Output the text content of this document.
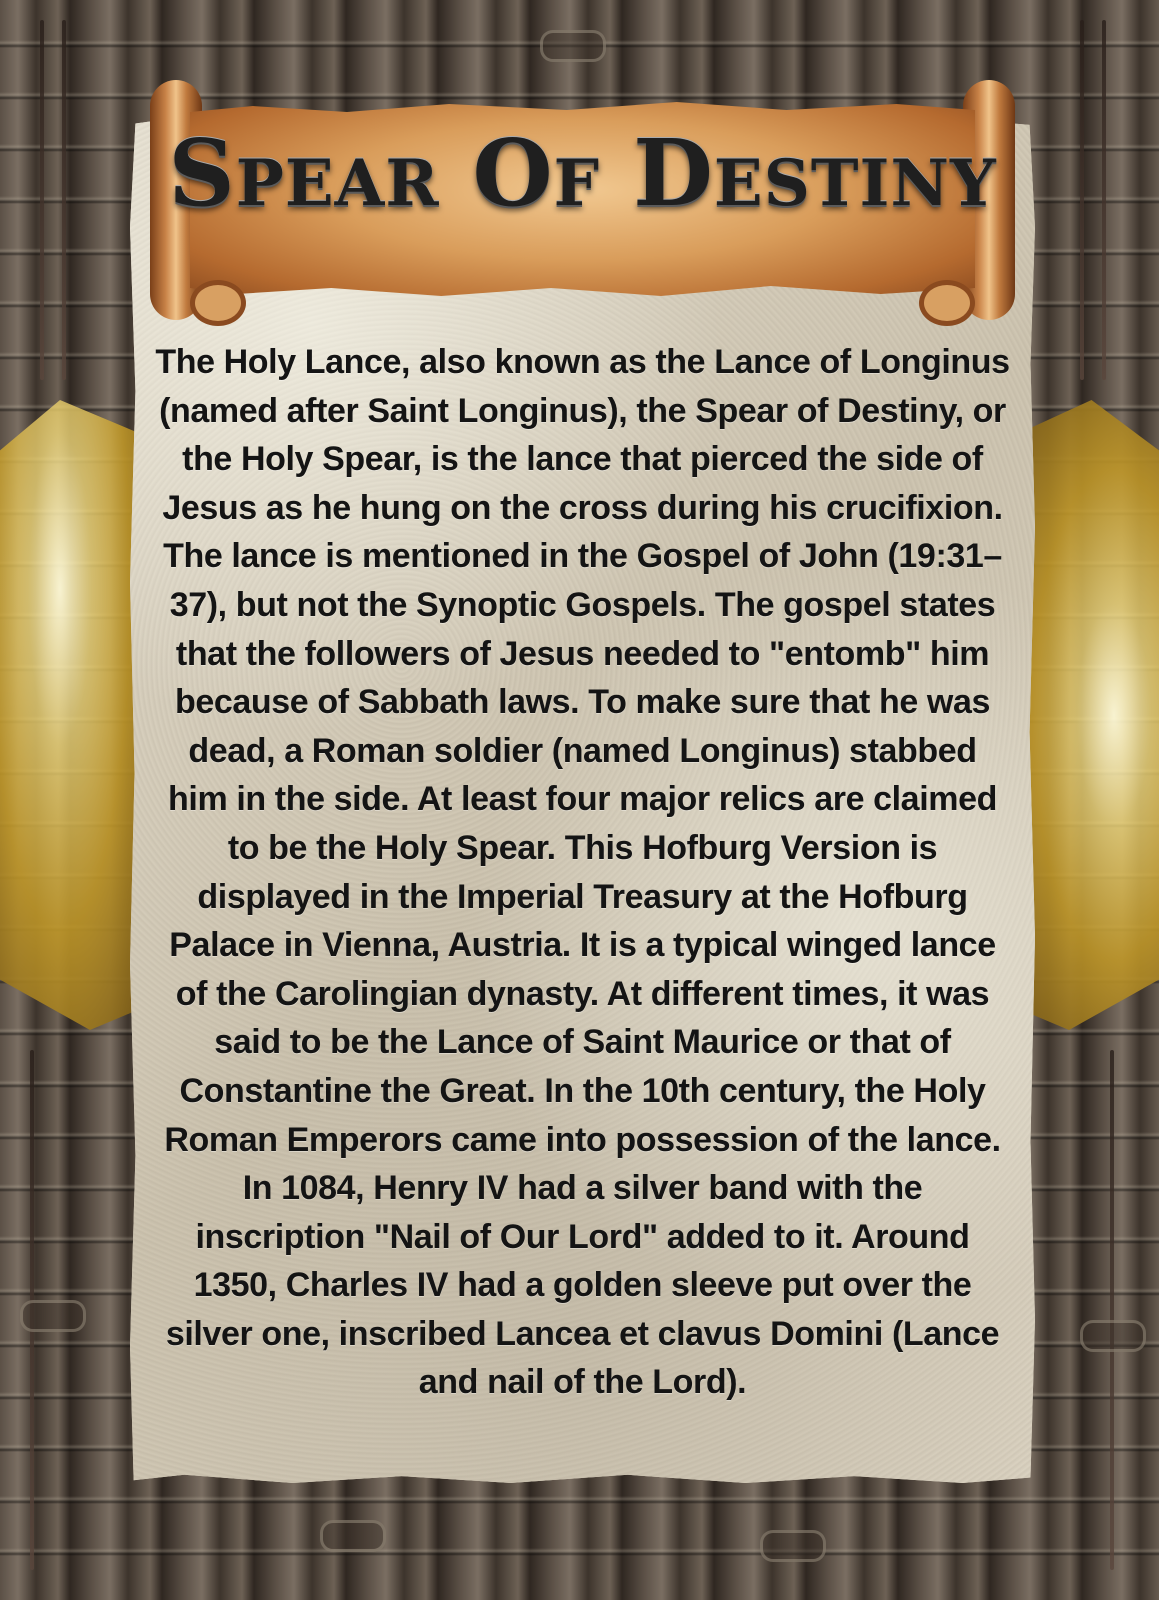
Spear Of Destiny

The Holy Lance, also known as the Lance of Longinus (named after Saint Longinus), the Spear of Destiny, or the Holy Spear, is the lance that pierced the side of Jesus as he hung on the cross during his crucifixion. The lance is mentioned in the Gospel of John (19:31–37), but not the Synoptic Gospels. The gospel states that the followers of Jesus needed to "entomb" him because of Sabbath laws. To make sure that he was dead, a Roman soldier (named Longinus) stabbed him in the side. At least four major relics are claimed to be the Holy Spear. This Hofburg Version is displayed in the Imperial Treasury at the Hofburg Palace in Vienna, Austria. It is a typical winged lance of the Carolingian dynasty. At different times, it was said to be the Lance of Saint Maurice or that of Constantine the Great. In the 10th century, the Holy Roman Emperors came into possession of the lance. In 1084, Henry IV had a silver band with the inscription "Nail of Our Lord" added to it. Around 1350, Charles IV had a golden sleeve put over the silver one, inscribed Lancea et clavus Domini (Lance and nail of the Lord).
